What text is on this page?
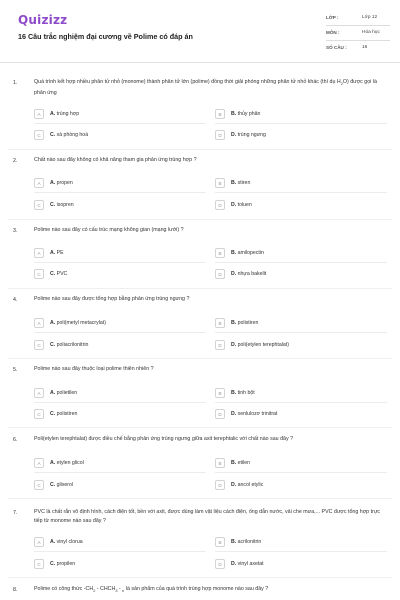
Quizizz
16 Câu trắc nghiệm đại cương về Polime có đáp án
LỚP :	Lớp 12
MÔN :	Hóa học
SỐ CÂU :	16
1.	Quá trình kết hợp nhiều phân tử nhỏ (monome) thành phân tử lớn (polime) đồng thời giải phóng những phân tử nhỏ khác (thí dụ $H_2O$) được gọi là phản ứng
A	A. trùng hợp	B	B. thủy phân
C	C. xà phòng hoá	D	D. trùng ngưng
2.	Chất nào sau đây không có khả năng tham gia phản ứng trùng hợp ?
A	A. propen	B	B. stiren
C	C. isopren	D	D. toluen
3.	Polime nào sau đây có cấu trúc mạng không gian (mạng lưới) ?
A	A. PE	B	B. amilopectin
C	C. PVC	D	D. nhựa bakelit
4.	Polime nào sau đây được tổng hợp bằng phản ứng trùng ngưng ?
A	A. poli(metyl metacrylat)	B	B. polistiren
C	C. poliacrilonitrin	D	D. poli(etylen terephtalat)
5.	Polime nào sau đây thuộc loại polime thiên nhiên ?
A	A. polietilen	B	B. tinh bột
C	C. polistiren	D	D. xenlulozơ trinitrat
6.	Poli(etylen terephtalat) được điều chế bằng phản ứng trùng ngưng giữa axit terephtalic với chất nào sau đây ?
A	A. etylen glicol	B	B. etilen
C	C. glixerol	D	D. ancol etylic
7.	PVC là chất rắn vô định hình, cách điện tốt, bền với axit, được dùng làm vật liệu cách điện, ống dẫn nước, vải che mưa,... PVC được tổng hợp trực tiếp từ monome nào sau đây ?
A	A. vinyl clorua	B	B. acrilonitrin
C	C. propilen	D	D. vinyl axetat
8.	Polime có công thức $-CH_2$ - $CHCH_3 - _n$ là sản phẩm của quá trình trùng hợp monome nào sau đây ?
